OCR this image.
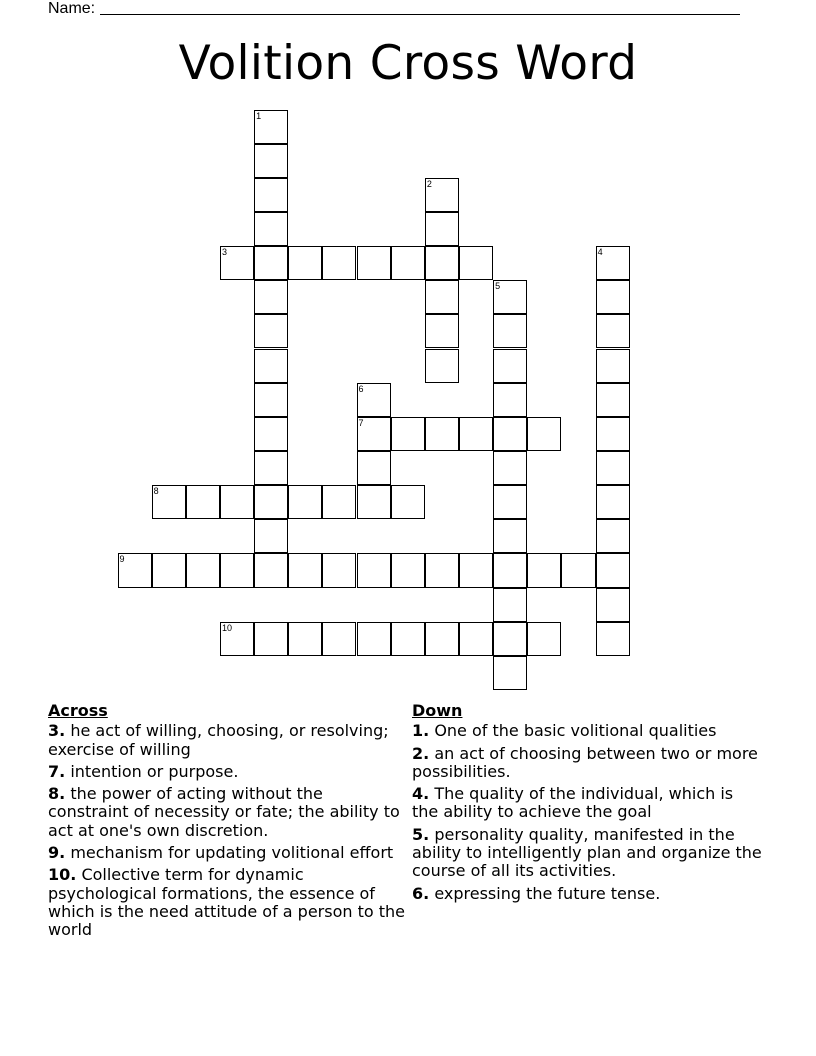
Name:
Volition Cross Word
1
2
3	4
5
6
7
8
9
10
Across
3. he act of willing, choosing, or resolving; exercise of willing
7. intention or purpose.
8. the power of acting without the constraint of necessity or fate; the ability to act at one's own discretion.
9. mechanism for updating volitional effort
10. Collective term for dynamic psychological formations, the essence of which is the need attitude of a person to the world
Down
1. One of the basic volitional qualities
2. an act of choosing between two or more possibilities.
4. The quality of the individual, which is the ability to achieve the goal
5. personality quality, manifested in the ability to intelligently plan and organize the course of all its activities.
6. expressing the future tense.
